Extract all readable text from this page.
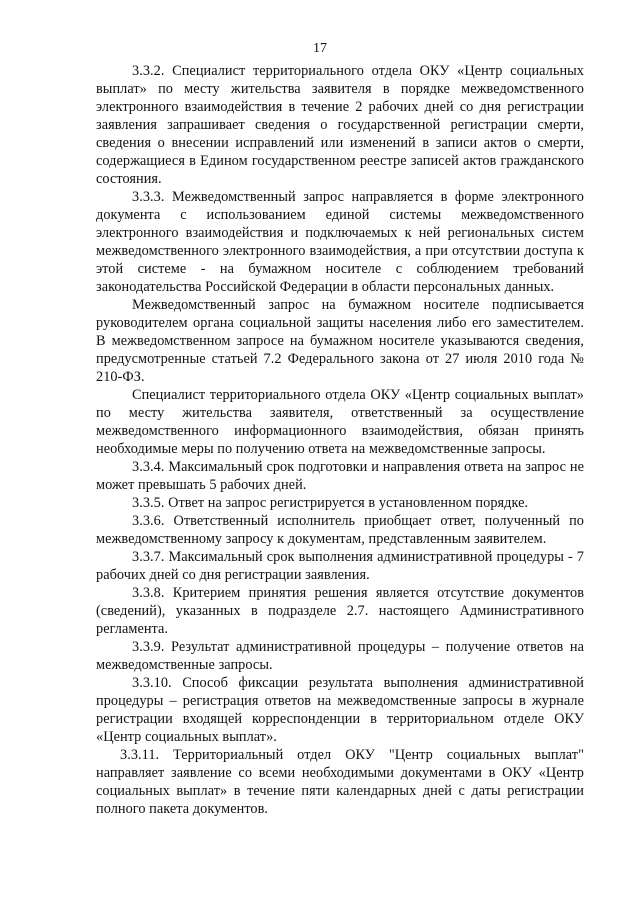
17

3.3.2. Специалист территориального отдела ОКУ «Центр социальных выплат» по месту жительства заявителя в порядке межведомственного электронного взаимодействия в течение 2 рабочих дней со дня регистрации заявления запрашивает сведения о государственной регистрации смерти, сведения о внесении исправлений или изменений в записи актов о смерти, содержащиеся в Едином государственном реестре записей актов гражданского состояния.

3.3.3. Межведомственный запрос направляется в форме электронного документа с использованием единой системы межведомственного электронного взаимодействия и подключаемых к ней региональных систем межведомственного электронного взаимодействия, а при отсутствии доступа к этой системе - на бумажном носителе с соблюдением требований законодательства Российской Федерации в области персональных данных.

Межведомственный запрос на бумажном носителе подписывается руководителем органа социальной защиты населения либо его заместителем. В межведомственном запросе на бумажном носителе указываются сведения, предусмотренные статьей 7.2 Федерального закона от 27 июля 2010 года № 210-ФЗ.

Специалист территориального отдела ОКУ «Центр социальных выплат» по месту жительства заявителя, ответственный за осуществление межведомственного информационного взаимодействия, обязан принять необходимые меры по получению ответа на межведомственные запросы.

3.3.4. Максимальный срок подготовки и направления ответа на запрос не может превышать 5 рабочих дней.

3.3.5. Ответ на запрос регистрируется в установленном порядке.

3.3.6. Ответственный исполнитель приобщает ответ, полученный по межведомственному запросу к документам, представленным заявителем.

3.3.7. Максимальный срок выполнения административной процедуры - 7 рабочих дней со дня регистрации заявления.

3.3.8. Критерием принятия решения является отсутствие документов (сведений), указанных в подразделе 2.7. настоящего Административного регламента.

3.3.9. Результат административной процедуры – получение ответов на межведомственные запросы.

3.3.10. Способ фиксации результата выполнения административной процедуры – регистрация ответов на межведомственные запросы в журнале регистрации входящей корреспонденции в территориальном отделе ОКУ «Центр социальных выплат».

3.3.11. Территориальный отдел ОКУ "Центр социальных выплат" направляет заявление со всеми необходимыми документами в ОКУ «Центр социальных выплат» в течение пяти календарных дней с даты регистрации полного пакета документов.
